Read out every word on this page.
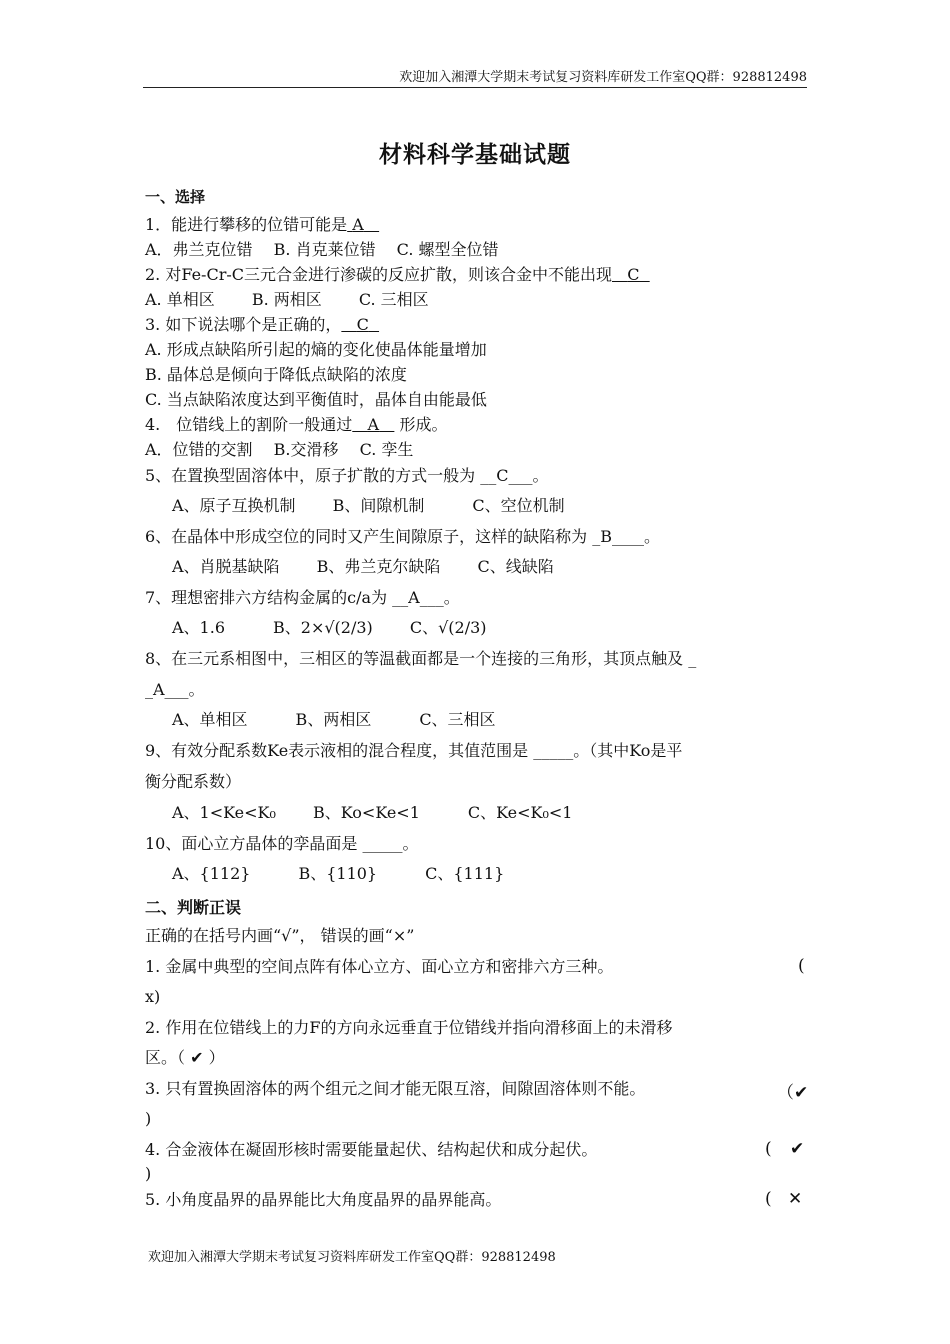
欢迎加入湘潭大学期末考试复习资料库研发工作室QQ群：928812498
材料科学基础试题
一、选择
1．能进行攀移的位错可能是 A
A．弗兰克位错　 B. 肖克莱位错　 C. 螺型全位错
2. 对Fe-Cr-C三元合金进行渗碳的反应扩散，则该合金中不能出现 C
A. 单相区　　 B. 两相区　　 C. 三相区
3. 如下说法哪个是正确的， C
A. 形成点缺陷所引起的熵的变化使晶体能量增加
B. 晶体总是倾向于降低点缺陷的浓度
C. 当点缺陷浓度达到平衡值时，晶体自由能最低
4.　位错线上的割阶一般通过 A    形成。
A．位错的交割　 B.交滑移　 C. 孪生
5、在置换型固溶体中，原子扩散的方式一般为 __C___。
A、原子互换机制　　 B、间隙机制　　　C、空位机制
6、在晶体中形成空位的同时又产生间隙原子，这样的缺陷称为 _B____。
A、肖脱基缺陷　　 B、弗兰克尔缺陷　　 C、线缺陷
7、理想密排六方结构金属的c/a为 __A___。
A、1.6　　　B、2×√(2/3)　　 C、√(2/3)
8、在三元系相图中，三相区的等温截面都是一个连接的三角形，其顶点触及 _
_A___。
A、单相区　　　B、两相区　　　C、三相区
9、有效分配系数Ke表示液相的混合程度，其值范围是 _____。（其中Ko是平
衡分配系数）
A、1<Ke<K₀　　 B、Ko<Ke<1　　　C、Ke<K₀<1
10、面心立方晶体的孪晶面是 _____。
A、{112}　　　B、{110}　　　C、{111}
二、判断正误
正确的在括号内画“√”， 错误的画“×”
1. 金属中典型的空间点阵有体心立方、面心立方和密排六方三种。	(
x)
2. 作用在位错线上的力F的方向永远垂直于位错线并指向滑移面上的未滑移
区。（ ✔ ）
3. 只有置换固溶体的两个组元之间才能无限互溶，间隙固溶体则不能。	（✔
)
4. 合金液体在凝固形核时需要能量起伏、结构起伏和成分起伏。	( ✔
)
5. 小角度晶界的晶界能比大角度晶界的晶界能高。	( ✕
欢迎加入湘潭大学期末考试复习资料库研发工作室QQ群：928812498
